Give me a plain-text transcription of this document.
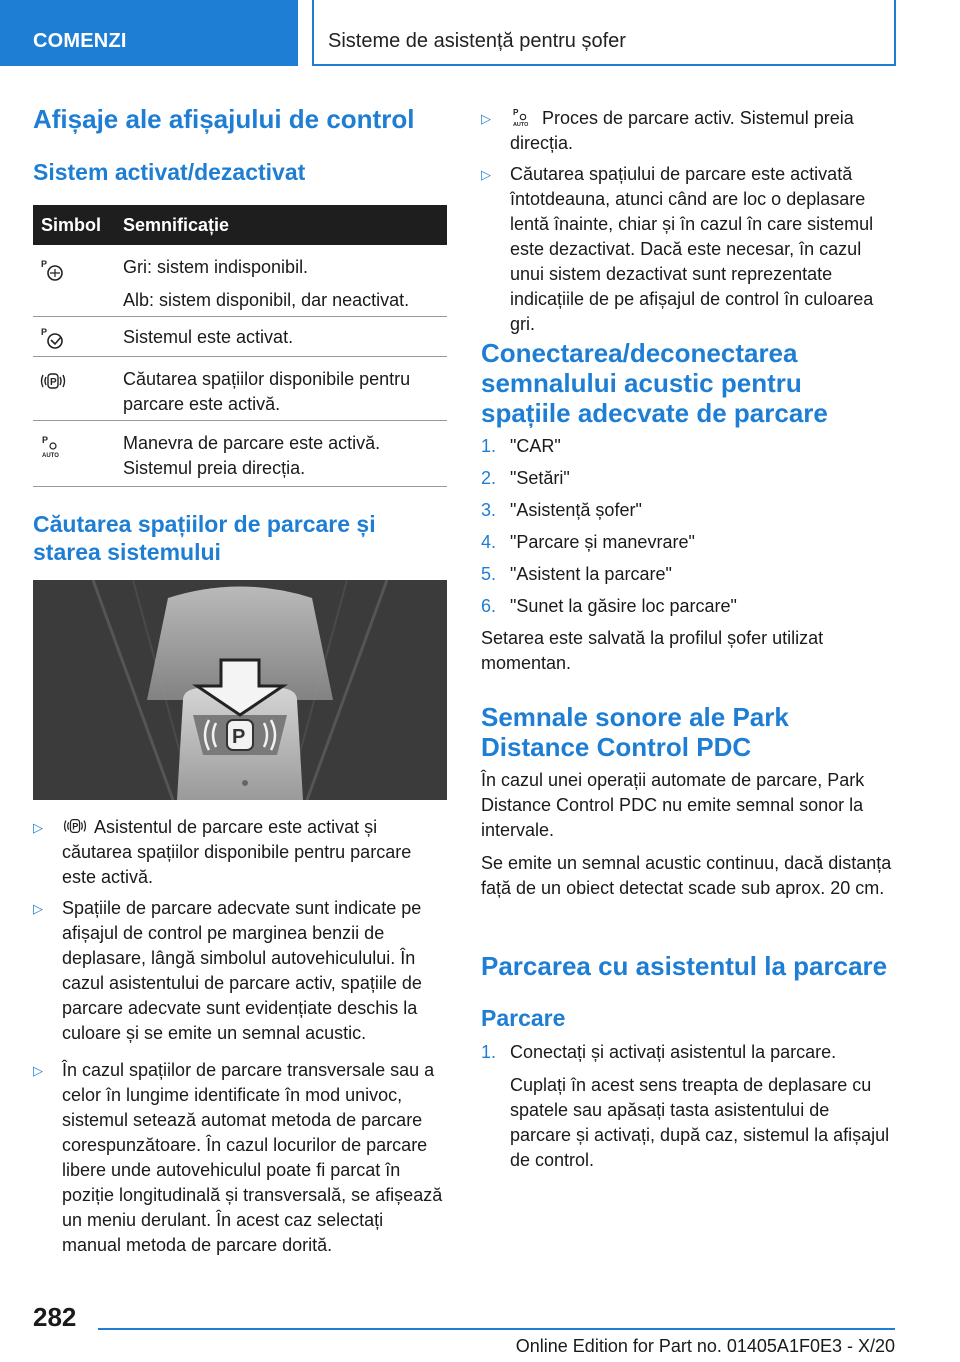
COMENZI	Sisteme de asistență pentru șofer
Afișaje ale afișajului de control
Sistem activat/dezactivat
Simbol Semnificație
P	Gri: sistem indisponibil.
Alb: sistem disponibil, dar neactivat.
P	Sistemul este activat.
P	Căutarea spațiilor disponibile pentru parcare este activă.
P
AUTO
Manevra de parcare este activă. Sistemul preia direcția.
Căutarea spațiilor de parcare și starea sistemului
P
▷	P Asistentul de parcare este activat și căutarea spațiilor disponibile pentru parcare este activă.
▷ Spațiile de parcare adecvate sunt indicate pe afișajul de control pe marginea benzii de deplasare, lângă simbolul autovehiculului. În cazul asistentului de parcare activ, spațiile de parcare adecvate sunt evidențiate deschis la culoare și se emite un semnal acustic.
▷ În cazul spațiilor de parcare transversale sau a celor în lungime identificate în mod univoc, sistemul setează automat metoda de parcare corespunzătoare. În cazul locurilor de parcare libere unde autovehiculul poate fi parcat în poziție longitudinală și transversală, se afișează un meniu derulant. În acest caz selectați manual metoda de parcare dorită.
▷ P
AUTO Proces de parcare activ. Sistemul preia direcția.
▷ Căutarea spațiului de parcare este activată întotdeauna, atunci când are loc o deplasare lentă înainte, chiar și în cazul în care sistemul este dezactivat. Dacă este necesar, în cazul unui sistem dezactivat sunt reprezentate indicațiile de pe afișajul de control în culoarea gri.
Conectarea/deconectarea semnalului acustic pentru spațiile adecvate de parcare
1. "CAR"
2. "Setări"
3. "Asistență șofer"
4. "Parcare și manevrare"
5. "Asistent la parcare"
6. "Sunet la găsire loc parcare"

Setarea este salvată la profilul șofer utilizat momentan.

Semnale sonore ale Park Distance Control PDC

În cazul unei operații automate de parcare, Park Distance Control PDC nu emite semnal sonor la intervale.

Se emite un semnal acustic continuu, dacă distanța față de un obiect detectat scade sub aprox. 20 cm.

Parcarea cu asistentul la parcare
Parcare
1. Conectați și activați asistentul la parcare.

Cuplați în acest sens treapta de deplasare cu spatele sau apăsați tasta asistentului de parcare și activați, după caz, sistemul la afișajul de control.

282
Online Edition for Part no. 01405A1F0E3 - X/20
